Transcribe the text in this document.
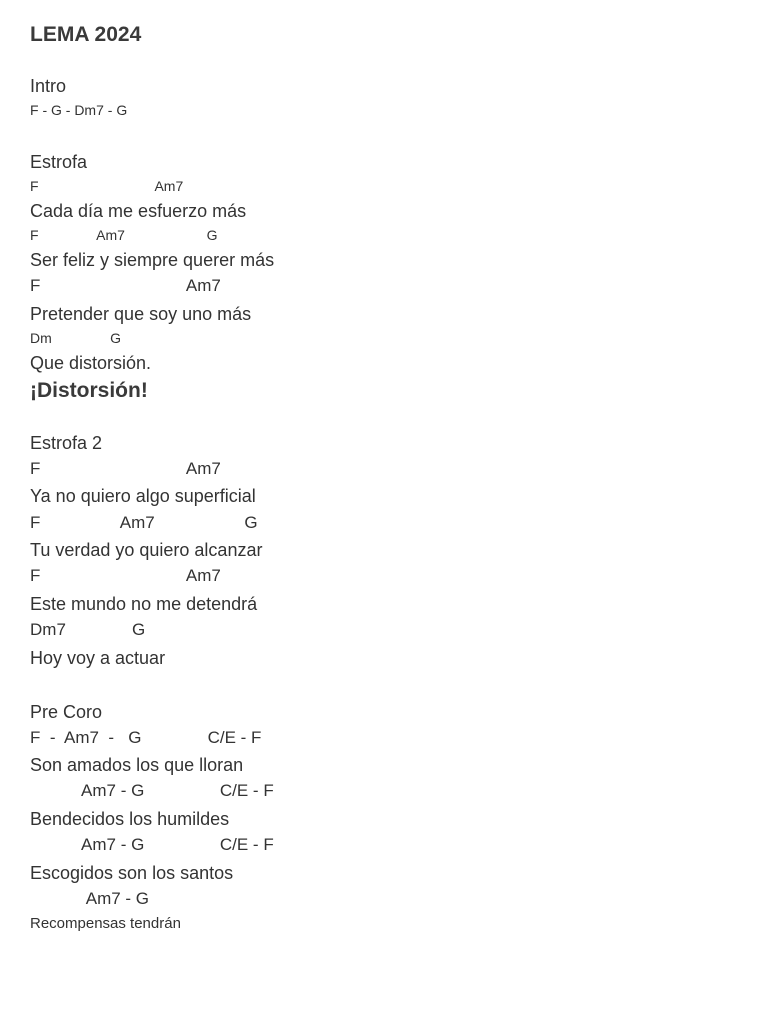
LEMA 2024
Intro
F - G - Dm7 - G
Estrofa
F                              Am7
Cada día me esfuerzo más
F               Am7                     G
Ser feliz y siempre querer más
F                               Am7
Pretender que soy uno más
Dm               G
Que distorsión.
¡Distorsión!
Estrofa 2
F                               Am7
Ya no quiero algo superficial
F                 Am7                   G
Tu verdad yo quiero alcanzar
F                               Am7
Este mundo no me detendrá
Dm7              G
Hoy voy a actuar
Pre Coro
F  -  Am7  -   G              C/E - F
Son amados los que lloran
Am7 - G                C/E - F
Bendecidos los humildes
Am7 - G                C/E - F
Escogidos son los santos
Am7 - G
Recompensas tendrán
